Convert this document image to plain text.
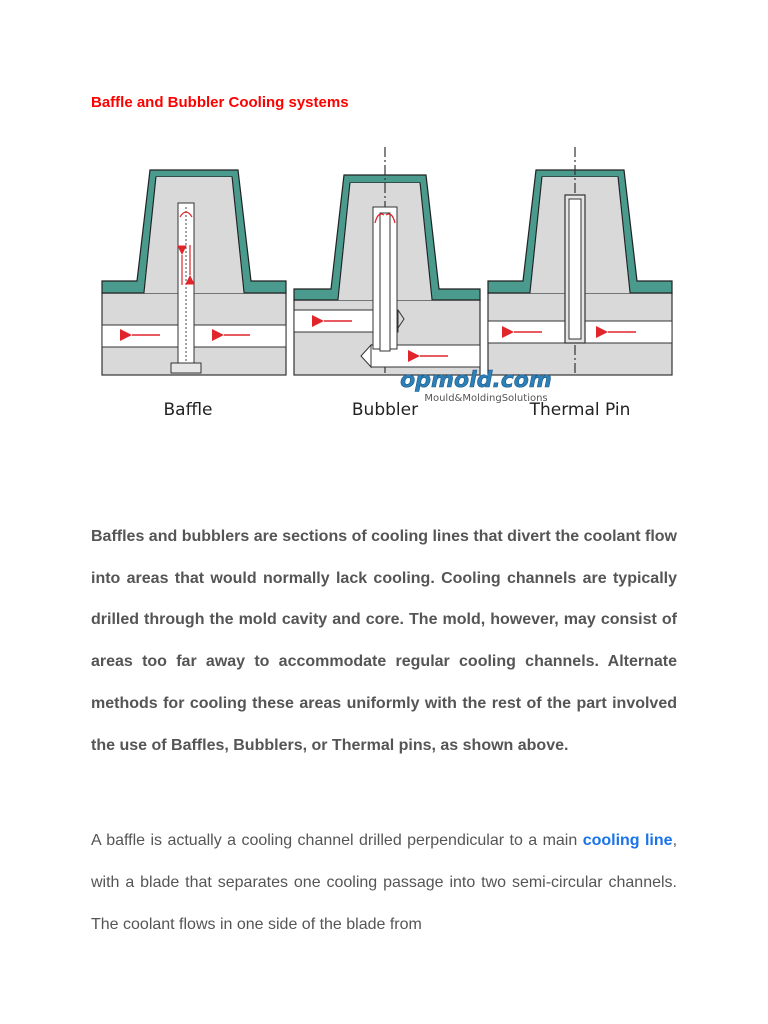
Baffle and Bubbler Cooling systems
Baffle	Bubbler	Thermal Pin
opmold.com
Mould&MoldingSolutions

Baffles and bubblers are sections of cooling lines that divert the coolant flow into areas that would normally lack cooling. Cooling channels are typically drilled through the mold cavity and core. The mold, however, may consist of areas too far away to accommodate regular cooling channels. Alternate methods for cooling these areas uniformly with the rest of the part involved the use of Baffles, Bubblers, or Thermal pins, as shown above.

A baffle is actually a cooling channel drilled perpendicular to a main cooling line, with a blade that separates one cooling passage into two semi-circular channels. The coolant flows in one side of the blade from
